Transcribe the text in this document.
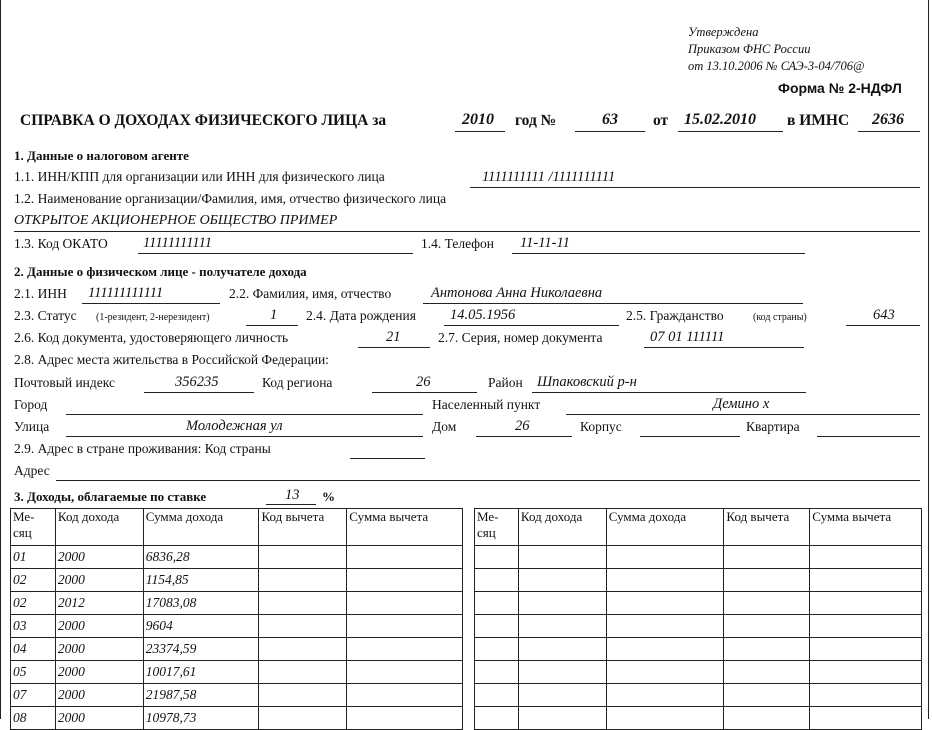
Утверждена
Приказом ФНС России
от 13.10.2006 № САЭ-3-04/706@
Форма № 2-НДФЛ
СПРАВКА О ДОХОДАХ ФИЗИЧЕСКОГО ЛИЦА за	2010 год №	63 от 15.02.2010 в ИМНС 2636
1. Данные о налоговом агенте
1.1. ИНН/КПП для организации или ИНН для физического лица	1111111111 /1111111111
1.2. Наименование организации/Фамилия, имя, отчество физического лица
ОТКРЫТОЕ АКЦИОНЕРНОЕ ОБЩЕСТВО ПРИМЕР
1.3. Код ОКАТО 11111111111	1.4. Телефон 11-11-11
2. Данные о физическом лице - получателе дохода
2.1. ИНН 111111111111	2.2. Фамилия, имя, отчество	Антонова Анна Николаевна
2.3. Статус (1-резидент, 2-нерезидент)	1 2.4. Дата рождения 14.05.1956	2.5. Гражданство	(код страны)	643
2.6. Код документа, удостоверяющего личность	21	2.7. Серия, номер документа	07 01 111111
2.8. Адрес места жительства в Российской Федерации:
Почтовый индекс	356235	Код региона	26	Район Шпаковский р-н
Город	Населенный пункт	Демино х
Улица	Молодежная ул	Дом	26	Корпус	Квартира
2.9. Адрес в стране проживания: Код страны
Адрес
3. Доходы, облагаемые по ставке	13 %
Ме-сяц	Код дохода	Сумма дохода	Код вычета	Сумма вычета
01	2000	6836,28		
02	2000	1154,85		
02	2012	17083,08		
03	2000	9604		
04	2000	23374,59		
05	2000	10017,61		
07	2000	21987,58		
08	2000	10978,73		
Ме-сяц	Код дохода	Сумма дохода	Код вычета	Сумма вычета
